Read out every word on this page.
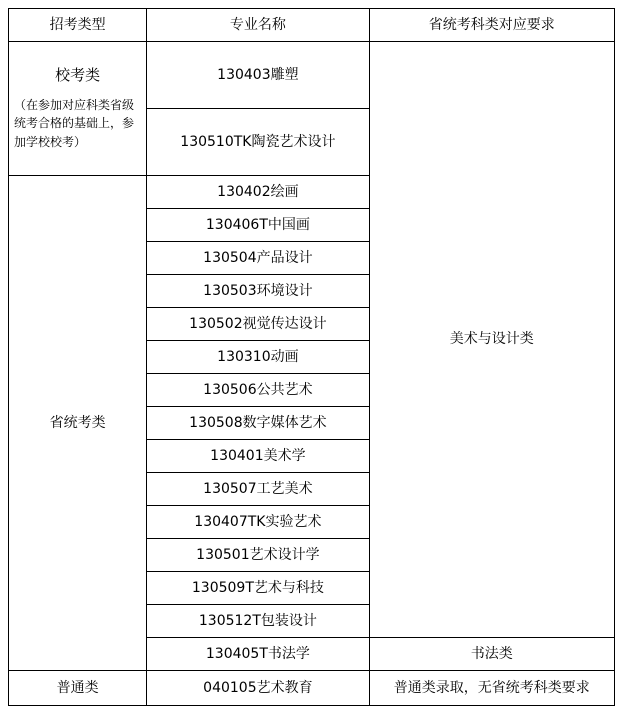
招考类型	专业名称	省统考科类对应要求

校考类
（在参加对应科类省级统考合格的基础上，参加学校校考）	130403雕塑	美术与设计类
	130510TK陶瓷艺术设计	
省统考类	130402绘画	
	130406T中国画	
	130504产品设计	
	130503环境设计	
	130502视觉传达设计	
	130310动画	
	130506公共艺术	
	130508数字媒体艺术	
	130401美术学	
	130507工艺美术	
	130407TK实验艺术	
	130501艺术设计学	
	130509T艺术与科技	
	130512T包装设计	
	130405T书法学	书法类
普通类	040105艺术教育	普通类录取，无省统考科类要求
